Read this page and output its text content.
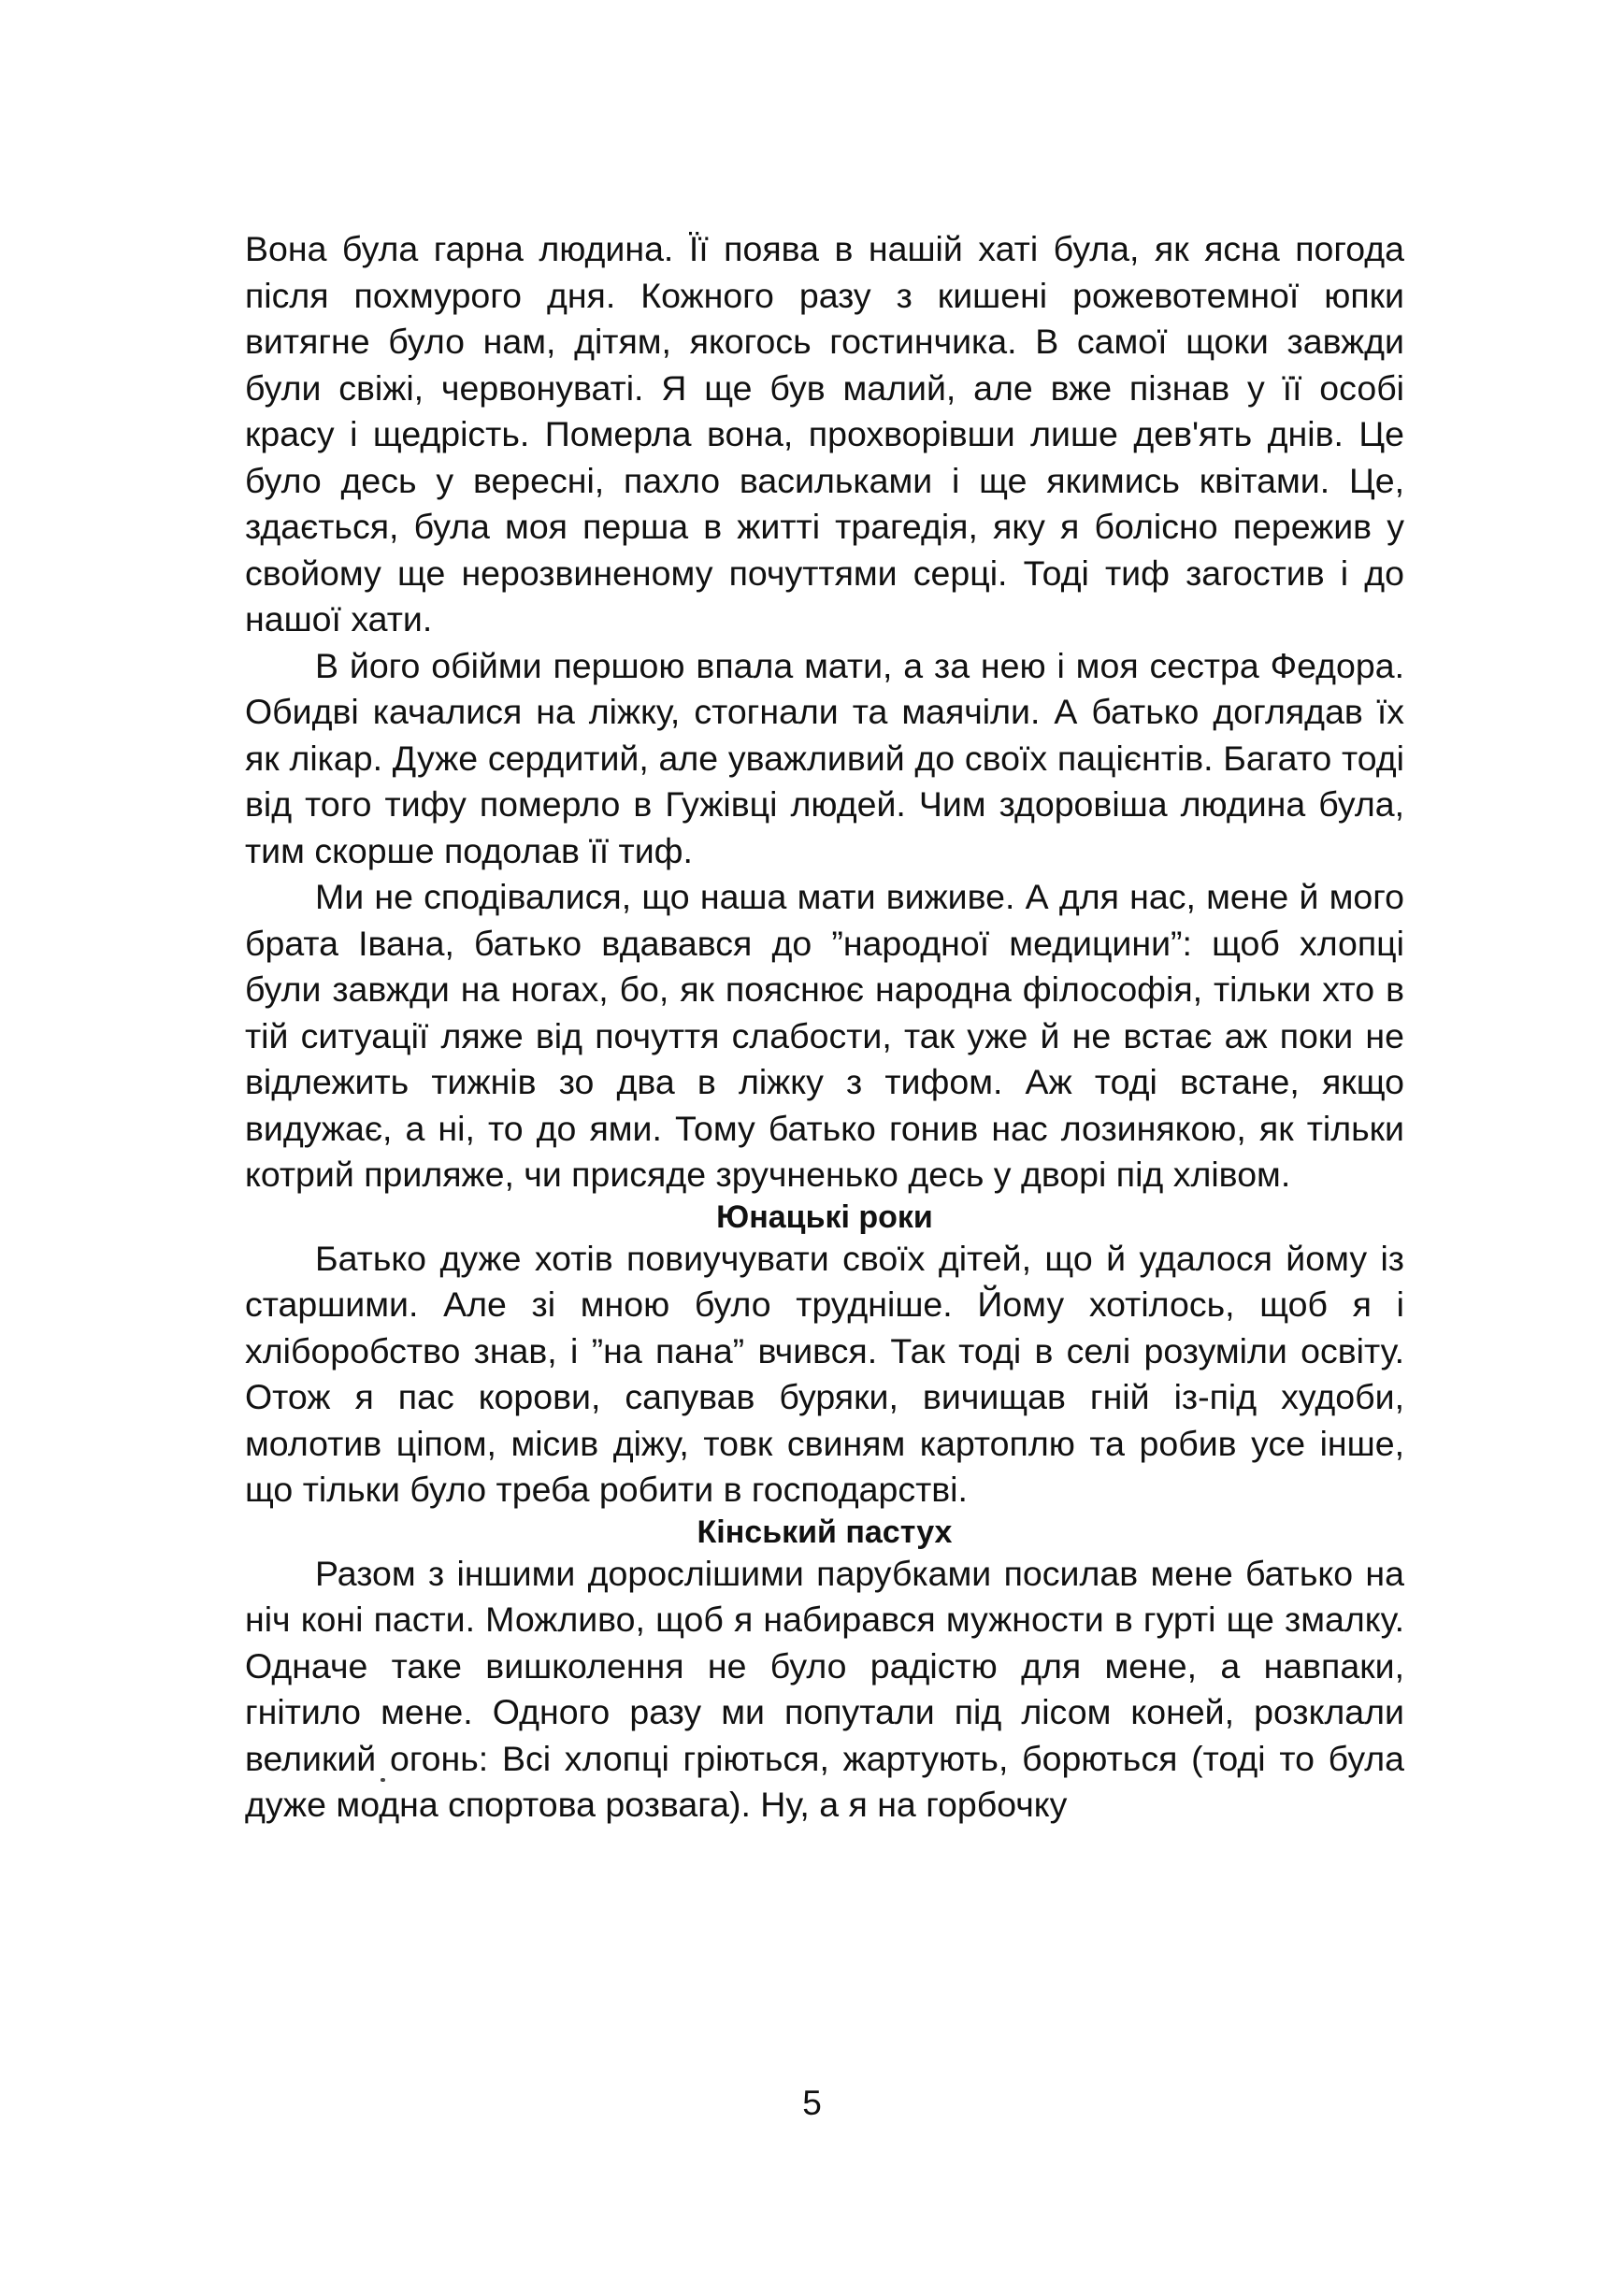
Вона була гарна людина. Її поява в нашій хаті була, як ясна погода після похмурого дня. Кожного разу з кишені рожевотемної юпки витягне було нам, дітям, якогось гостинчика. В самої щоки завжди були свіжі, червонуваті. Я ще був малий, але вже пізнав у її особі красу і щедрість. Померла вона, прохворівши лише дев'ять днів. Це було десь у вересні, пахло васильками і ще якимись квітами. Це, здається, була моя перша в житті трагедія, яку я болісно пережив у свойому ще нерозвиненому почуттями серці. Тоді тиф загостив і до нашої хати.

В його обійми першою впала мати, а за нею і моя сестра Федора. Обидві качалися на ліжку, стогнали та маячіли. А батько доглядав їх як лікар. Дуже сердитий, але уважливий до своїх пацієнтів. Багато тоді від того тифу померло в Гужівці людей. Чим здоровіша людина була, тим скорше подолав її тиф.

Ми не сподівалися, що наша мати виживе. А для нас, мене й мого брата Івана, батько вдавався до ”народної медицини”: щоб хлопці були завжди на ногах, бо, як пояснює народна філософія, тільки хто в тій ситуації ляже від почуття слабости, так уже й не встає аж поки не відлежить тижнів зо два в ліжку з тифом. Аж тоді встане, якщо видужає, а ні, то до ями. Тому батько гонив нас лозинякою, як тільки котрий приляже, чи присяде зручненько десь у дворі під хлівом.

Юнацькі роки

Батько дуже хотів повиучувати своїх дітей, що й удалося йому із старшими. Але зі мною було трудніше. Йому хотілось, щоб я і хліборобство знав, і ”на пана” вчився. Так тоді в селі розуміли освіту. Отож я пас корови, сапував буряки, вичищав гній із-під худоби, молотив ціпом, місив діжу, товк свиням картоплю та робив усе інше, що тільки було треба робити в господарстві.

Кінський пастух

Разом з іншими дорослішими парубками посилав мене батько на ніч коні пасти. Можливо, щоб я набирався мужности в гурті ще змалку. Одначе таке вишколення не було радістю для мене, а навпаки, гнітило мене. Одного разу ми попутали під лісом коней, розклали великий огонь: Всі хлопці гріються, жартують, борються (тоді то була дуже модна спортова розвага). Ну, а я на горбочку

5
